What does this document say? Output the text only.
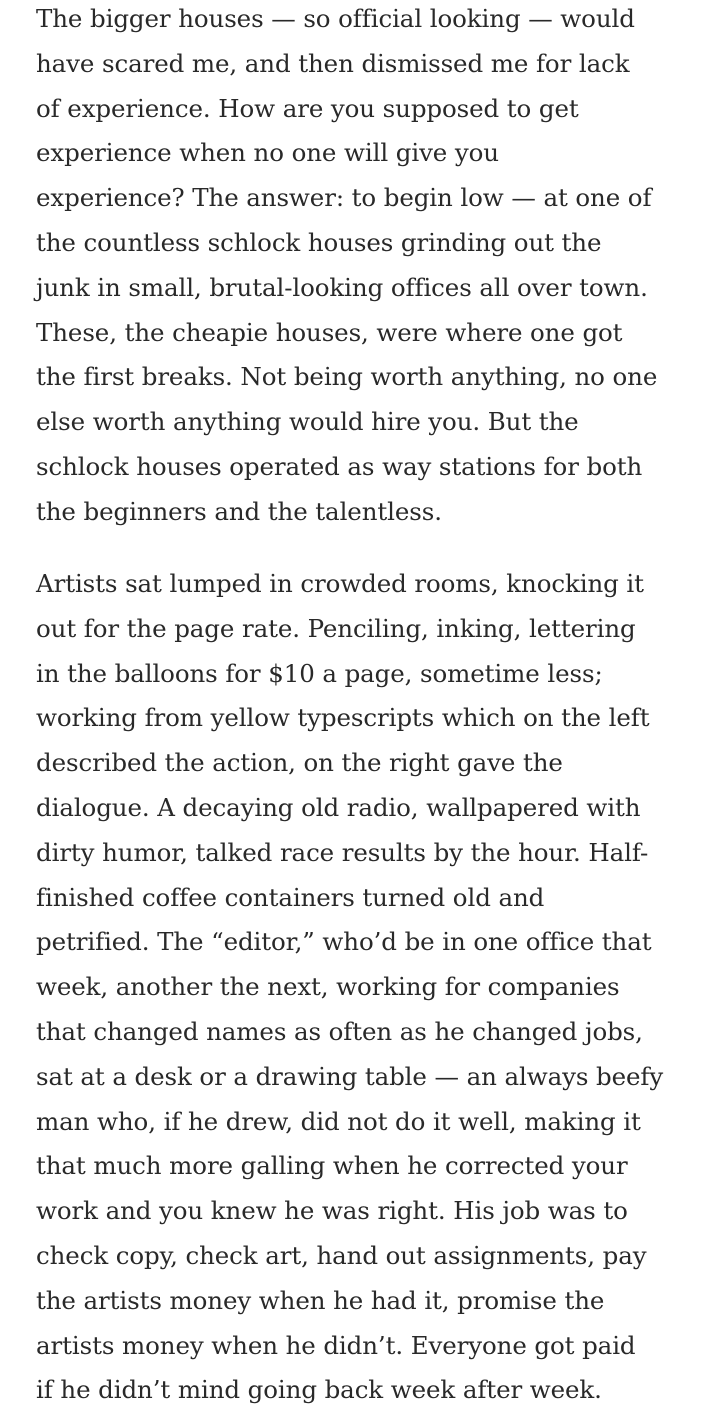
The bigger houses — so official looking — would
have scared me, and then dismissed me for lack
of experience. How are you supposed to get
experience when no one will give you
experience? The answer: to begin low — at one of
the countless schlock houses grinding out the
junk in small, brutal-looking offices all over town.
These, the cheapie houses, were where one got
the first breaks. Not being worth anything, no one
else worth anything would hire you. But the
schlock houses operated as way stations for both
the beginners and the talentless.

Artists sat lumped in crowded rooms, knocking it
out for the page rate. Penciling, inking, lettering
in the balloons for $10 a page, sometime less;
working from yellow typescripts which on the left
described the action, on the right gave the
dialogue. A decaying old radio, wallpapered with
dirty humor, talked race results by the hour. Half-
finished coffee containers turned old and
petrified. The “editor,” who’d be in one office that
week, another the next, working for companies
that changed names as often as he changed jobs,
sat at a desk or a drawing table — an always beefy
man who, if he drew, did not do it well, making it
that much more galling when he corrected your
work and you knew he was right. His job was to
check copy, check art, hand out assignments, pay
the artists money when he had it, promise the
artists money when he didn’t. Everyone got paid
if he didn’t mind going back week after week.
